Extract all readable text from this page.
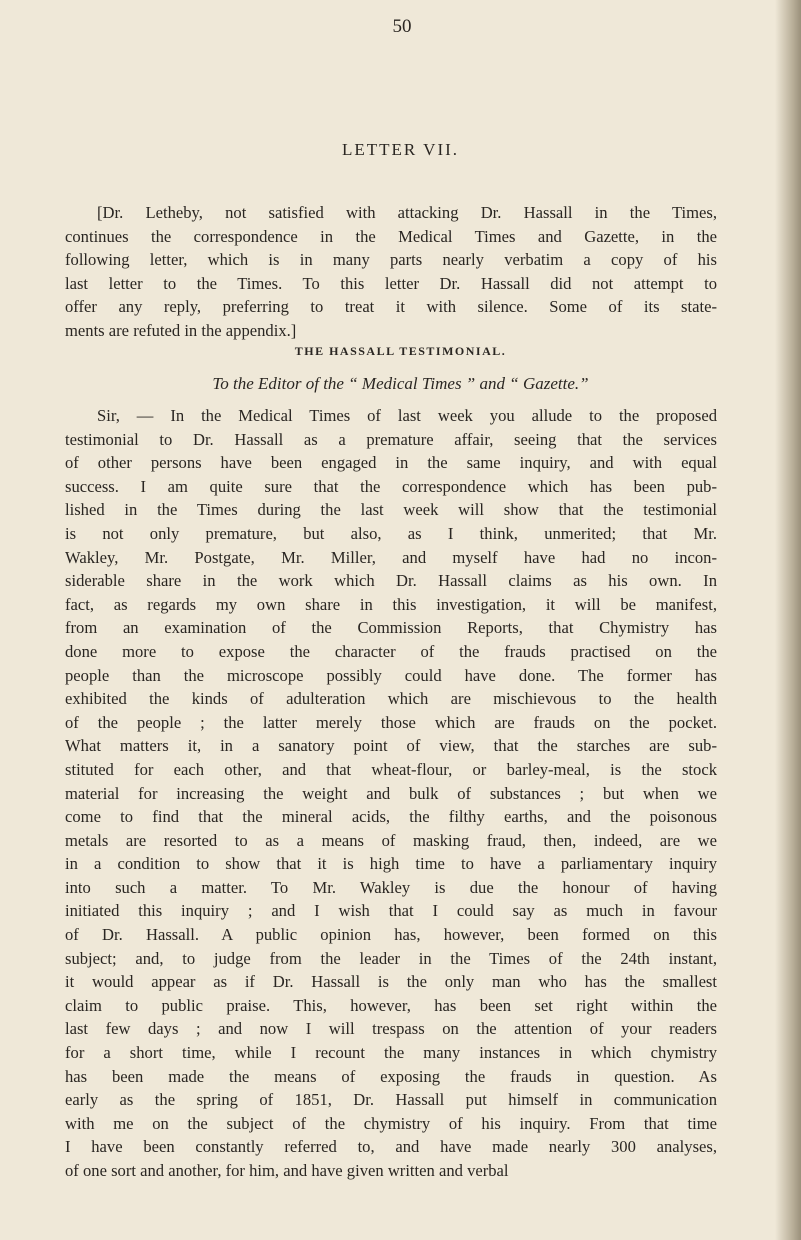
50
LETTER VII.
[Dr. Letheby, not satisfied with attacking Dr. Hassall in the Times,
continues the correspondence in the Medical Times and Gazette, in the
following letter, which is in many parts nearly verbatim a copy of his
last letter to the Times. To this letter Dr. Hassall did not attempt to
offer any reply, preferring to treat it with silence. Some of its state-
ments are refuted in the appendix.]
THE HASSALL TESTIMONIAL.
To the Editor of the “ Medical Times ” and “ Gazette.”
Sir, — In the Medical Times of last week you allude to the proposed
testimonial to Dr. Hassall as a premature affair, seeing that the services
of other persons have been engaged in the same inquiry, and with equal
success. I am quite sure that the correspondence which has been pub-
lished in the Times during the last week will show that the testimonial
is not only premature, but also, as I think, unmerited; that Mr.
Wakley, Mr. Postgate, Mr. Miller, and myself have had no incon-
siderable share in the work which Dr. Hassall claims as his own. In
fact, as regards my own share in this investigation, it will be manifest,
from an examination of the Commission Reports, that Chymistry has
done more to expose the character of the frauds practised on the
people than the microscope possibly could have done. The former has
exhibited the kinds of adulteration which are mischievous to the health
of the people ; the latter merely those which are frauds on the pocket.
What matters it, in a sanatory point of view, that the starches are sub-
stituted for each other, and that wheat-flour, or barley-meal, is the stock
material for increasing the weight and bulk of substances ; but when we
come to find that the mineral acids, the filthy earths, and the poisonous
metals are resorted to as a means of masking fraud, then, indeed, are we
in a condition to show that it is high time to have a parliamentary inquiry
into such a matter. To Mr. Wakley is due the honour of having
initiated this inquiry ; and I wish that I could say as much in favour
of Dr. Hassall. A public opinion has, however, been formed on this
subject; and, to judge from the leader in the Times of the 24th instant,
it would appear as if Dr. Hassall is the only man who has the smallest
claim to public praise. This, however, has been set right within the
last few days ; and now I will trespass on the attention of your readers
for a short time, while I recount the many instances in which chymistry
has been made the means of exposing the frauds in question. As
early as the spring of 1851, Dr. Hassall put himself in communication
with me on the subject of the chymistry of his inquiry. From that time
I have been constantly referred to, and have made nearly 300 analyses,
of one sort and another, for him, and have given written and verbal
